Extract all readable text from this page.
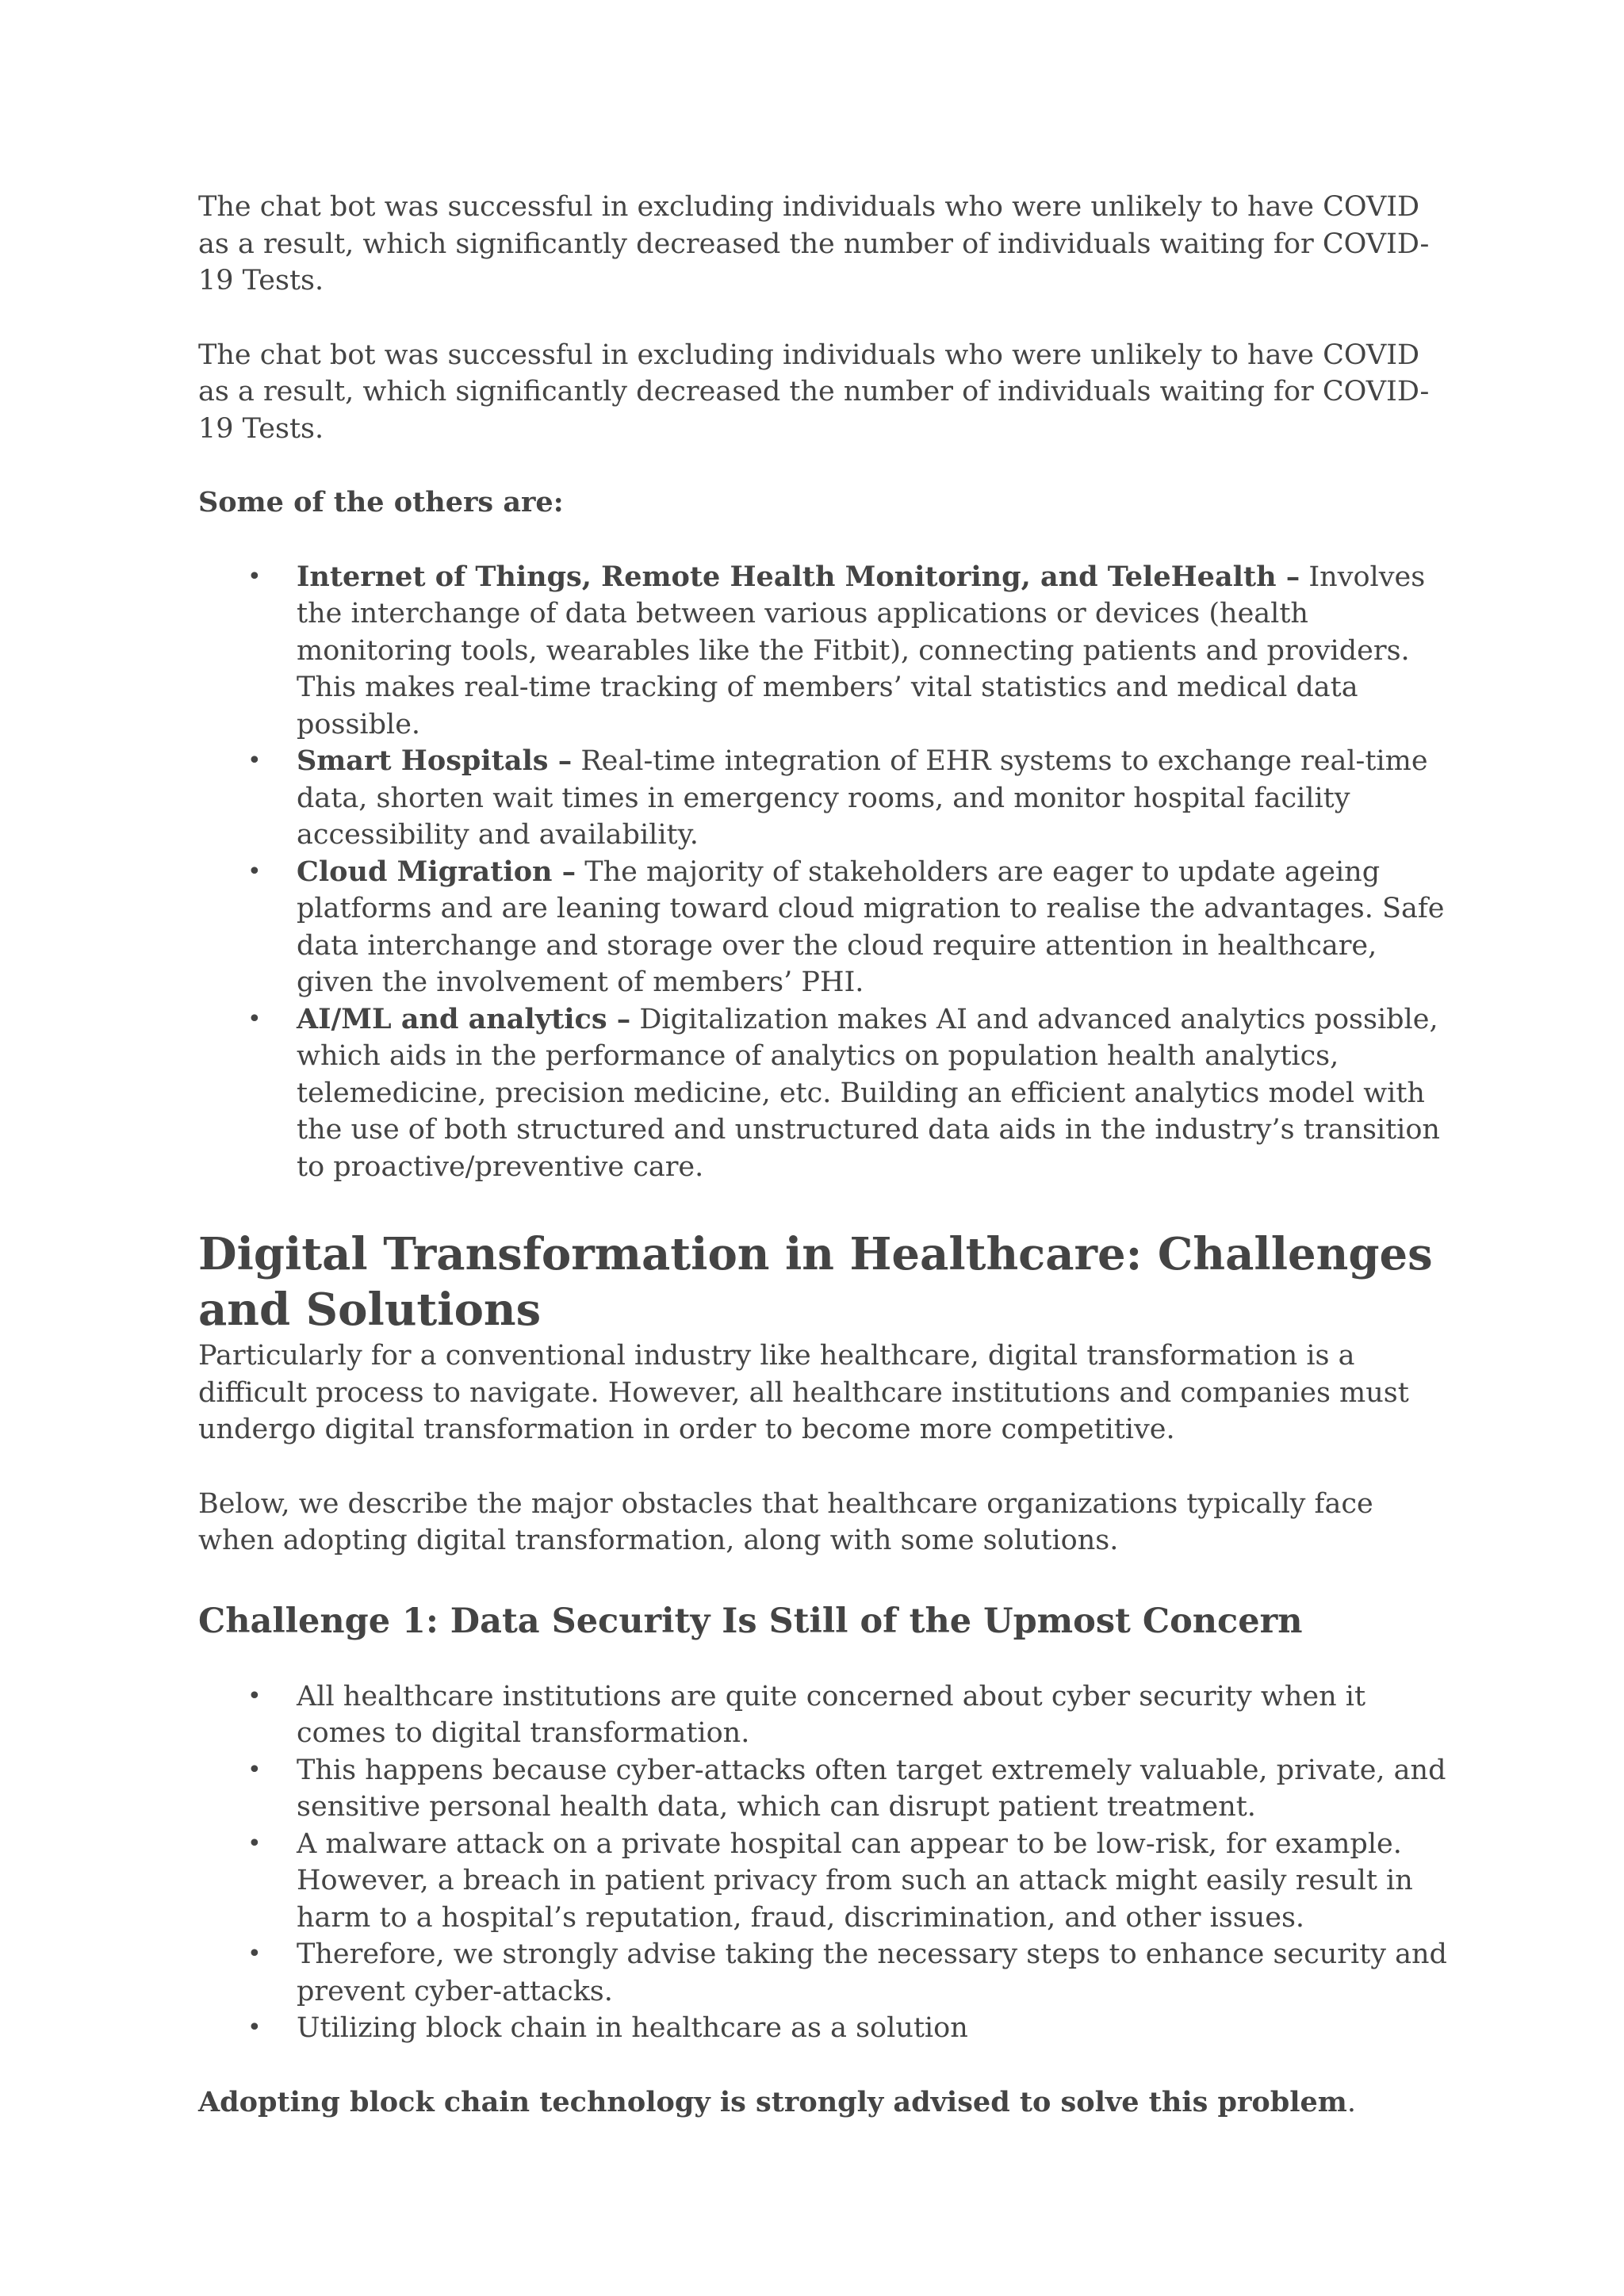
The chat bot was successful in excluding individuals who were unlikely to have COVID as a result, which significantly decreased the number of individuals waiting for COVID-19 Tests.

The chat bot was successful in excluding individuals who were unlikely to have COVID as a result, which significantly decreased the number of individuals waiting for COVID-19 Tests.

Some of the others are:

• Internet of Things, Remote Health Monitoring, and TeleHealth – Involves the interchange of data between various applications or devices (health monitoring tools, wearables like the Fitbit), connecting patients and providers. This makes real-time tracking of members’ vital statistics and medical data possible.
• Smart Hospitals – Real-time integration of EHR systems to exchange real-time data, shorten wait times in emergency rooms, and monitor hospital facility accessibility and availability.
• Cloud Migration – The majority of stakeholders are eager to update ageing platforms and are leaning toward cloud migration to realise the advantages. Safe data interchange and storage over the cloud require attention in healthcare, given the involvement of members’ PHI.
• AI/ML and analytics – Digitalization makes AI and advanced analytics possible, which aids in the performance of analytics on population health analytics, telemedicine, precision medicine, etc. Building an efficient analytics model with the use of both structured and unstructured data aids in the industry’s transition to proactive/preventive care.
Digital Transformation in Healthcare: Challenges and Solutions

Particularly for a conventional industry like healthcare, digital transformation is a difficult process to navigate. However, all healthcare institutions and companies must undergo digital transformation in order to become more competitive.

Below, we describe the major obstacles that healthcare organizations typically face when adopting digital transformation, along with some solutions.

Challenge 1: Data Security Is Still of the Upmost Concern
• All healthcare institutions are quite concerned about cyber security when it comes to digital transformation.
• This happens because cyber-attacks often target extremely valuable, private, and sensitive personal health data, which can disrupt patient treatment.
• A malware attack on a private hospital can appear to be low-risk, for example. However, a breach in patient privacy from such an attack might easily result in harm to a hospital’s reputation, fraud, discrimination, and other issues.
• Therefore, we strongly advise taking the necessary steps to enhance security and prevent cyber-attacks.
• Utilizing block chain in healthcare as a solution

Adopting block chain technology is strongly advised to solve this problem.
